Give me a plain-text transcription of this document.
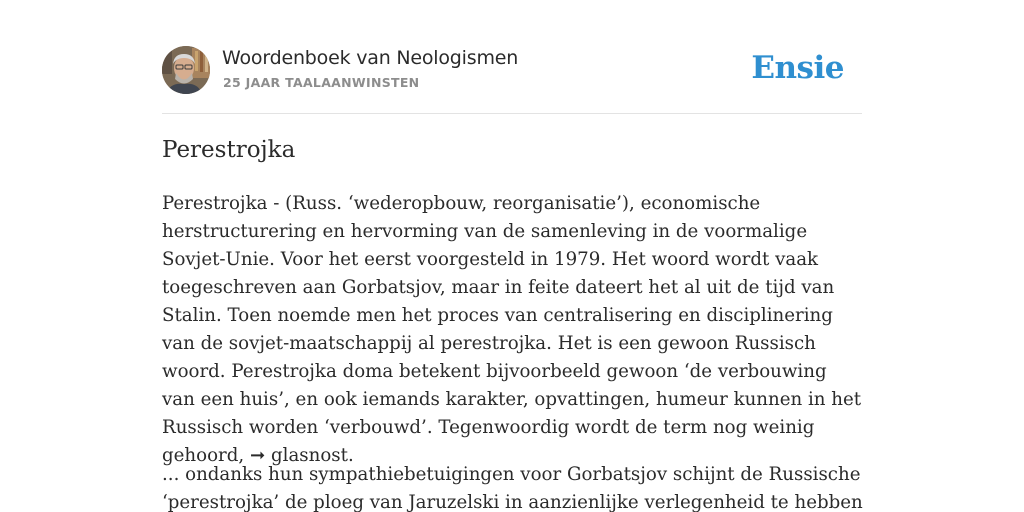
Woordenboek van Neologismen
25 JAAR TAALAANWINSTEN	Ensie
Perestrojka

Perestrojka - (Russ. ‘wederopbouw, reorganisatie’), economische herstructurering en hervorming van de samenleving in de voormalige Sovjet-Unie. Voor het eerst voorgesteld in 1979. Het woord wordt vaak toegeschreven aan Gorbatsjov, maar in feite dateert het al uit de tijd van Stalin. Toen noemde men het proces van centralisering en disciplinering van de sovjet-maatschappij al perestrojka. Het is een gewoon Russisch woord. Perestrojka doma betekent bijvoorbeeld gewoon ‘de verbouwing van een huis’, en ook iemands karakter, opvattingen, humeur kunnen in het Russisch worden ‘verbouwd’. Tegenwoordig wordt de term nog weinig gehoord, ➞ glasnost.

... ondanks hun sympathiebetuigingen voor Gorbatsjov schijnt de Russische ‘perestrojka’ de ploeg van Jaruzelski in aanzienlijke verlegenheid te hebben
